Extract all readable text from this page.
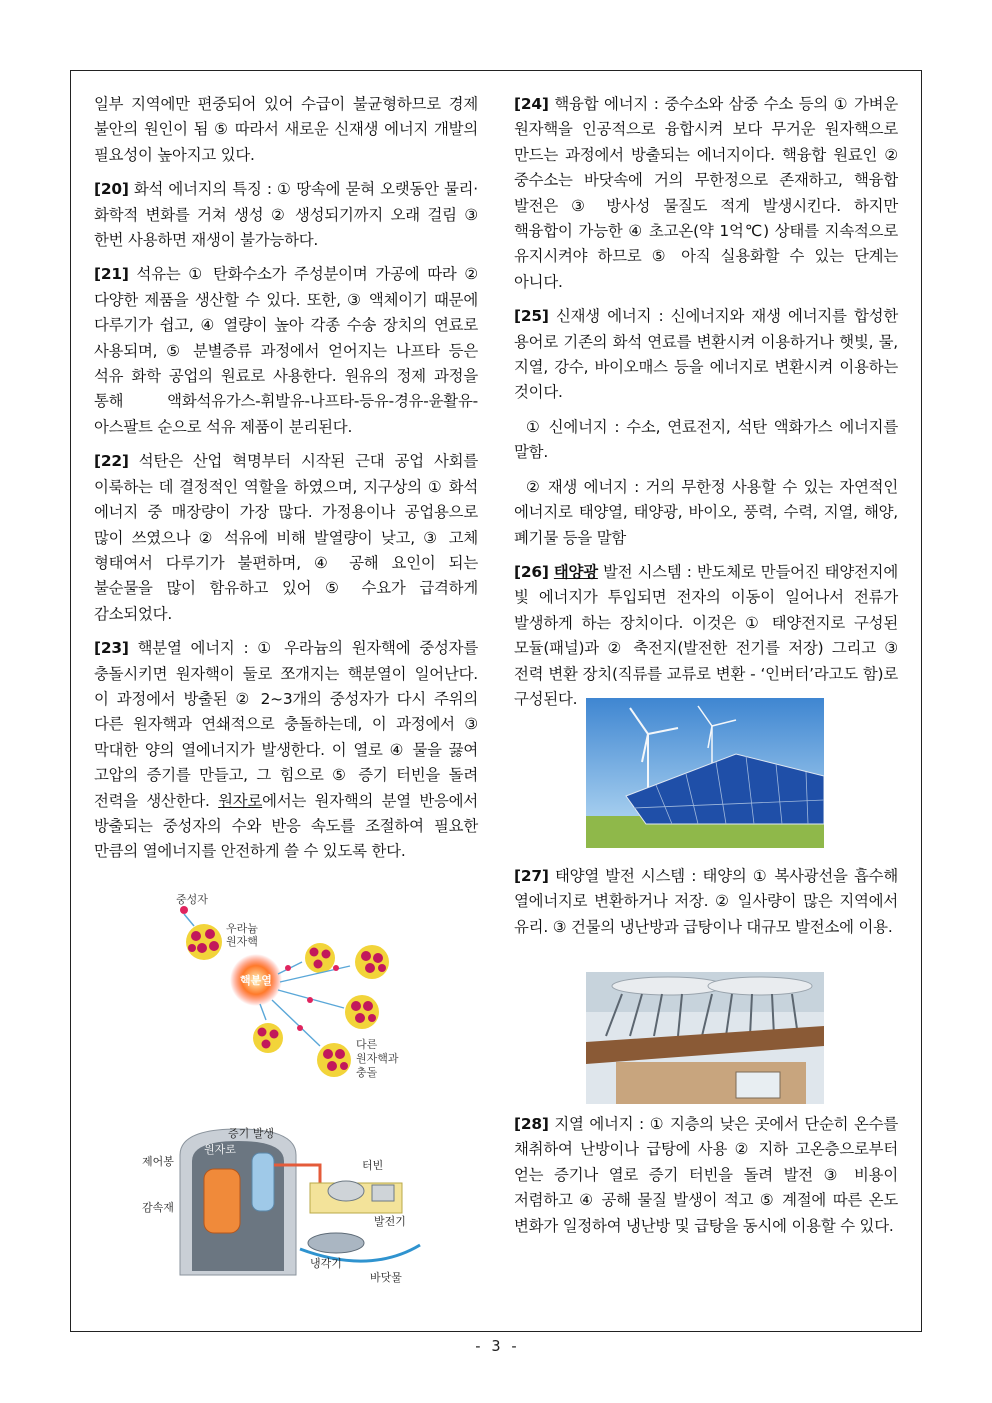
일부 지역에만 편중되어 있어 수급이 불균형하므로 경제 불안의 원인이 됨 ⑤ 따라서 새로운 신재생 에너지 개발의 필요성이 높아지고 있다.

[20] 화석 에너지의 특징 : ① 땅속에 묻혀 오랫동안 물리·화학적 변화를 거쳐 생성 ② 생성되기까지 오래 걸림 ③ 한번 사용하면 재생이 불가능하다.

[21] 석유는 ① 탄화수소가 주성분이며 가공에 따라 ② 다양한 제품을 생산할 수 있다. 또한, ③ 액체이기 때문에 다루기가 쉽고, ④ 열량이 높아 각종 수송 장치의 연료로 사용되며, ⑤ 분별증류 과정에서 얻어지는 나프타 등은 석유 화학 공업의 원료로 사용한다. 원유의 정제 과정을 통해 액화석유가스-휘발유-나프타-등유-경유-윤활유-아스팔트 순으로 석유 제품이 분리된다.

[22] 석탄은 산업 혁명부터 시작된 근대 공업 사회를 이룩하는 데 결정적인 역할을 하였으며, 지구상의 ① 화석 에너지 중 매장량이 가장 많다. 가정용이나 공업용으로 많이 쓰였으나 ② 석유에 비해 발열량이 낮고, ③ 고체 형태여서 다루기가 불편하며, ④ 공해 요인이 되는 불순물을 많이 함유하고 있어 ⑤ 수요가 급격하게 감소되었다.

[23] 핵분열 에너지 : ① 우라늄의 원자핵에 중성자를 충돌시키면 원자핵이 둘로 쪼개지는 핵분열이 일어난다. 이 과정에서 방출된 ② 2~3개의 중성자가 다시 주위의 다른 원자핵과 연쇄적으로 충돌하는데, 이 과정에서 ③ 막대한 양의 열에너지가 발생한다. 이 열로 ④ 물을 끓여 고압의 증기를 만들고, 그 힘으로 ⑤ 증기 터빈을 돌려 전력을 생산한다. 원자로에서는 원자핵의 분열 반응에서 방출되는 중성자의 수와 반응 속도를 조절하여 필요한 만큼의 열에너지를 안전하게 쓸 수 있도록 한다.

중성자
우라늄
원자핵
핵분열
다른
원자핵과
충돌
증기 발생
제어봉
원자로
감속재
터빈
발전기
냉각기
바닷물

[24] 핵융합 에너지 : 중수소와 삼중 수소 등의 ① 가벼운 원자핵을 인공적으로 융합시켜 보다 무거운 원자핵으로 만드는 과정에서 방출되는 에너지이다. 핵융합 원료인 ② 중수소는 바닷속에 거의 무한정으로 존재하고, 핵융합 발전은 ③ 방사성 물질도 적게 발생시킨다. 하지만 핵융합이 가능한 ④ 초고온(약 1억℃) 상태를 지속적으로 유지시켜야 하므로 ⑤ 아직 실용화할 수 있는 단계는 아니다.

[25] 신재생 에너지 : 신에너지와 재생 에너지를 합성한 용어로 기존의 화석 연료를 변환시켜 이용하거나 햇빛, 물, 지열, 강수, 바이오매스 등을 에너지로 변환시켜 이용하는 것이다.

① 신에너지 : 수소, 연료전지, 석탄 액화가스 에너지를 말함.

② 재생 에너지 : 거의 무한정 사용할 수 있는 자연적인 에너지로 태양열, 태양광, 바이오, 풍력, 수력, 지열, 해양, 폐기물 등을 말함

[26] 태양광 발전 시스템 : 반도체로 만들어진 태양전지에 빛 에너지가 투입되면 전자의 이동이 일어나서 전류가 발생하게 하는 장치이다. 이것은 ① 태양전지로 구성된 모듈(패널)과 ② 축전지(발전한 전기를 저장) 그리고 ③ 전력 변환 장치(직류를 교류로 변환 - ‘인버터’라고도 함)로 구성된다.

[27] 태양열 발전 시스템 : 태양의 ① 복사광선을 흡수해 열에너지로 변환하거나 저장. ② 일사량이 많은 지역에서 유리. ③ 건물의 냉난방과 급탕이나 대규모 발전소에 이용.

[28] 지열 에너지 : ① 지층의 낮은 곳에서 단순히 온수를 채취하여 난방이나 급탕에 사용 ② 지하 고온층으로부터 얻는 증기나 열로 증기 터빈을 돌려 발전 ③ 비용이 저렴하고 ④ 공해 물질 발생이 적고 ⑤ 계절에 따른 온도 변화가 일정하여 냉난방 및 급탕을 동시에 이용할 수 있다.

- 3 -
